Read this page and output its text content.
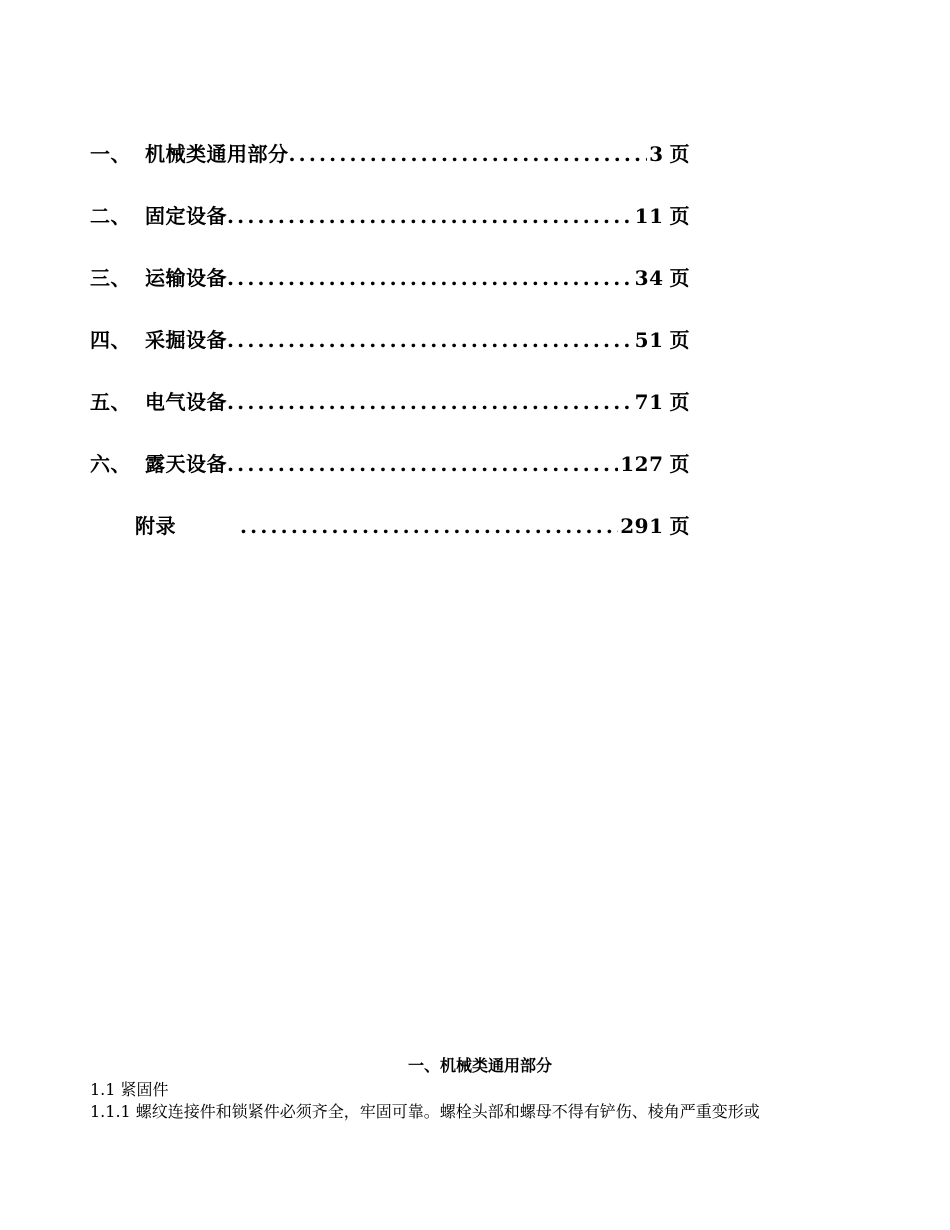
一、 机械类通用部分 .....	3 页
二、 固定设备 .....	11 页
三、 运输设备 .....	34 页
四、 采掘设备 .....	51 页
五、 电气设备 .....	71 页
六、 露天设备 .....	127 页
附录 .....	291 页
一、机械类通用部分
1.1 紧固件
1.1.1 螺纹连接件和锁紧件必须齐全，牢固可靠。螺栓头部和螺母不得有铲伤、棱角严重变形或
